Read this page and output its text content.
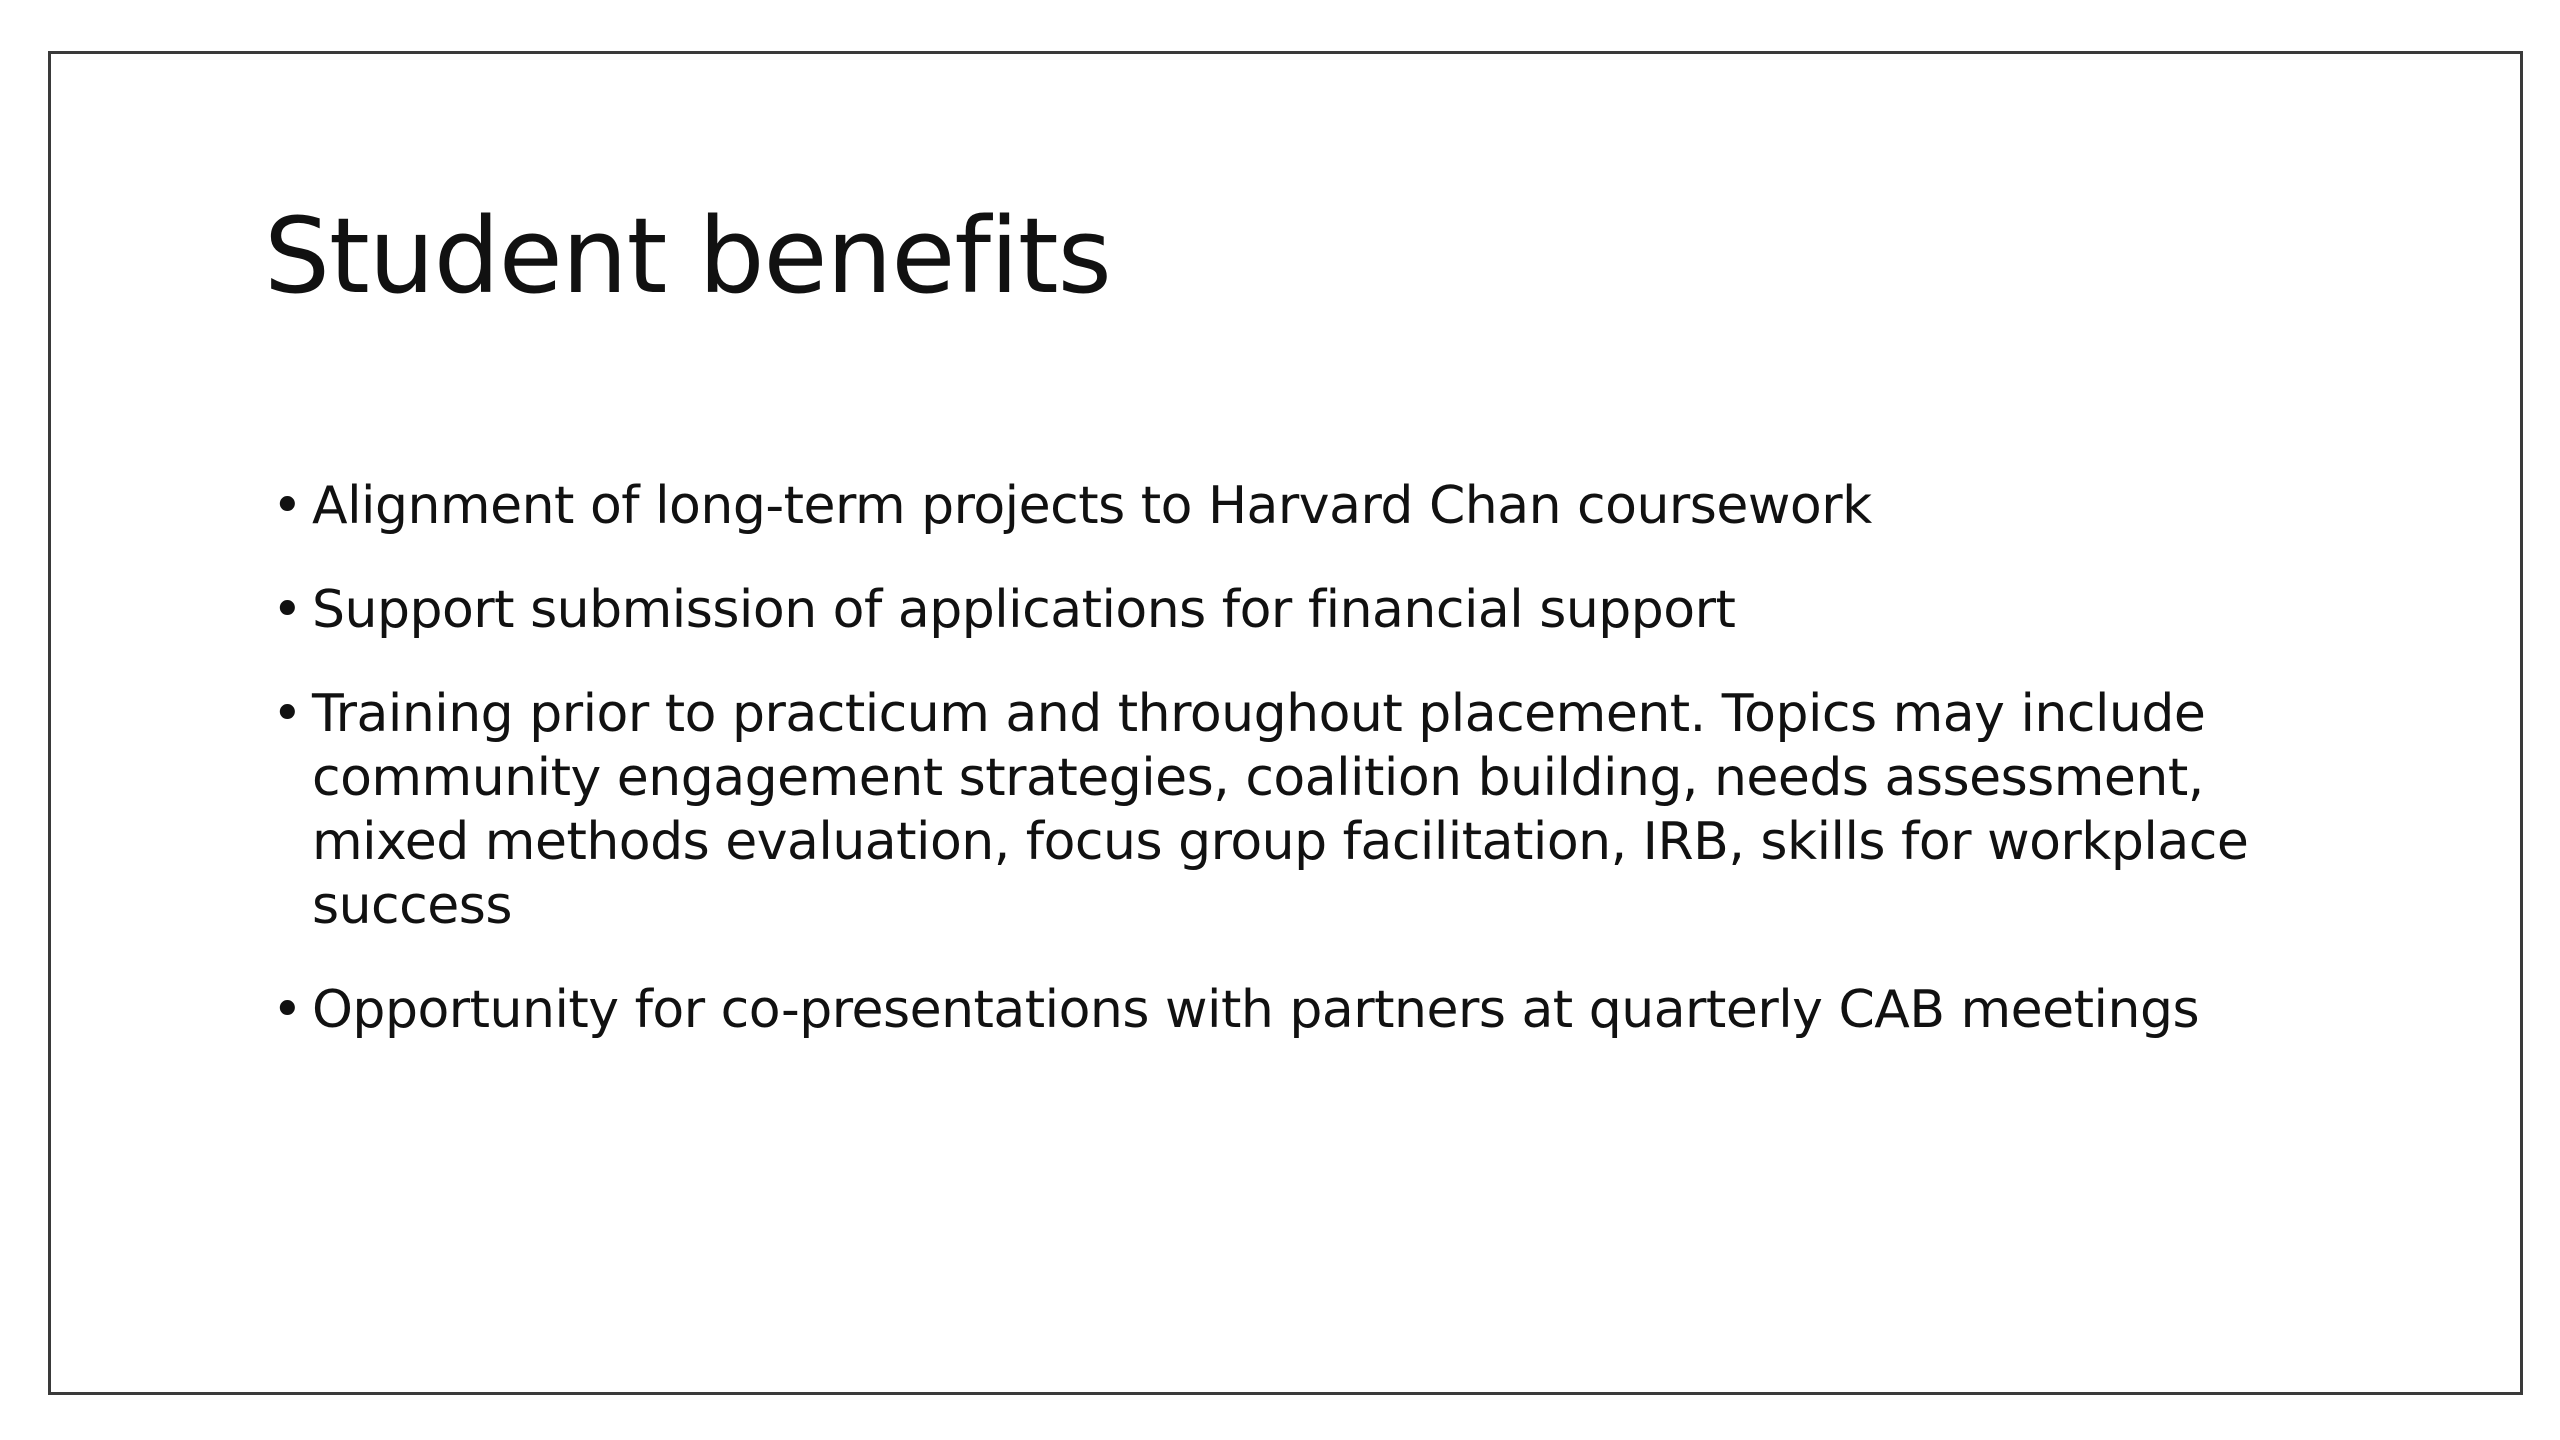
Student benefits
• Alignment of long-term projects to Harvard Chan coursework
• Support submission of applications for financial support
• Training prior to practicum and throughout placement. Topics may include community engagement strategies, coalition building, needs assessment, mixed methods evaluation, focus group facilitation, IRB, skills for workplace success
• Opportunity for co-presentations with partners at quarterly CAB meetings
